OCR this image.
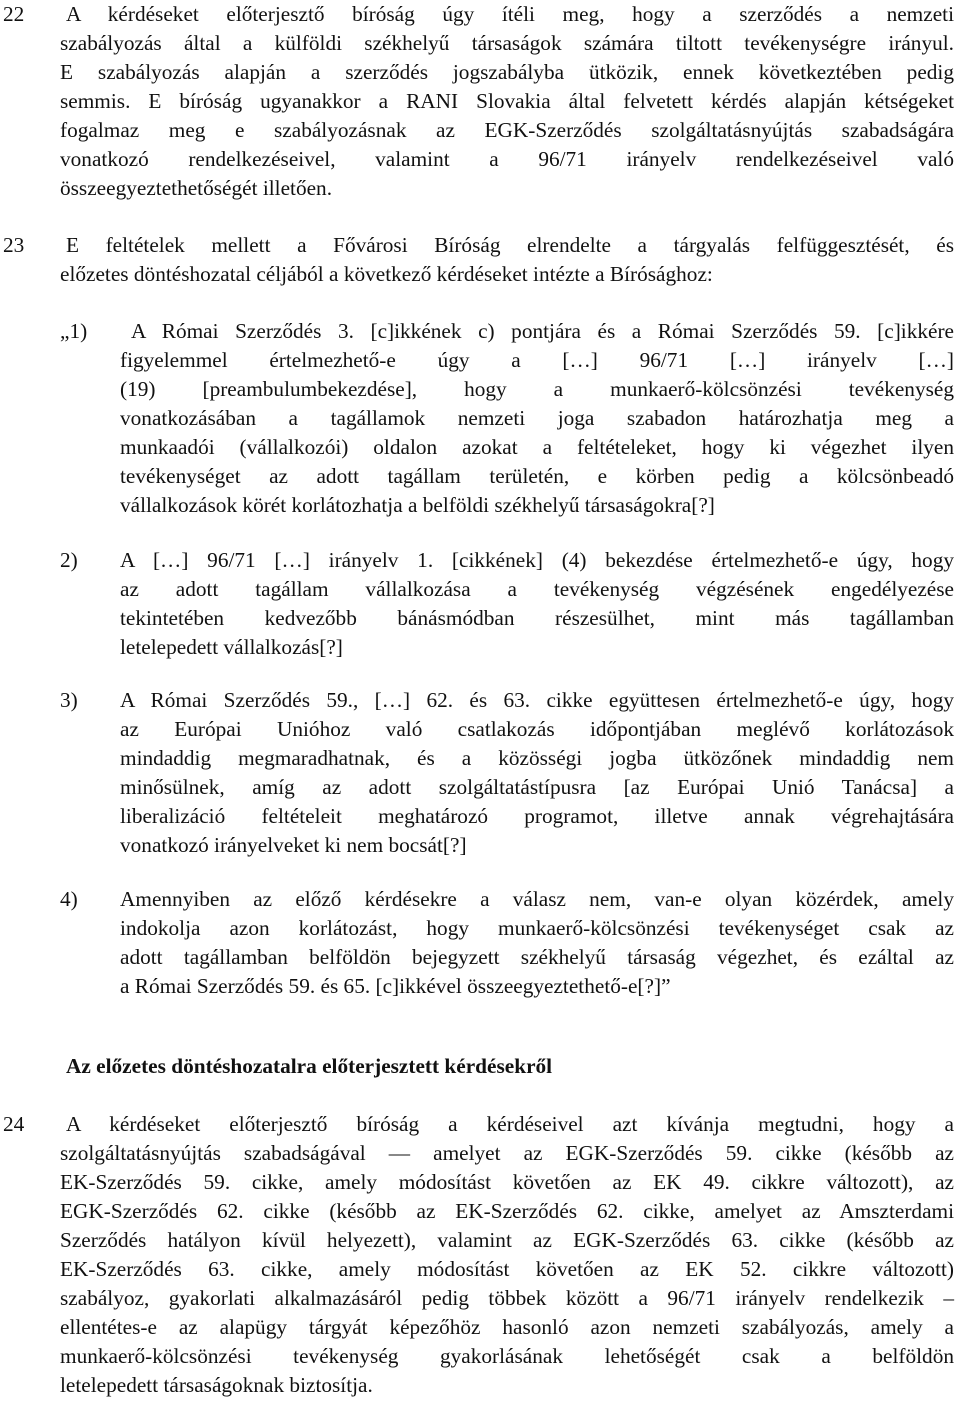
22 A kérdéseket előterjesztő bíróság úgy ítéli meg, hogy a szerződés a nemzeti
szabályozás által a külföldi székhelyű társaságok számára tiltott tevékenységre irányul.
E szabályozás alapján a szerződés jogszabályba ütközik, ennek következtében pedig
semmis. E bíróság ugyanakkor a RANI Slovakia által felvetett kérdés alapján kétségeket
fogalmaz meg e szabályozásnak az EGK-Szerződés szolgáltatásnyújtás szabadságára
vonatkozó rendelkezéseivel, valamint a 96/71 irányelv rendelkezéseivel való
összeegyeztethetőségét illetően.
23 E feltételek mellett a Fővárosi Bíróság elrendelte a tárgyalás felfüggesztését, és
előzetes döntéshozatal céljából a következő kérdéseket intézte a Bírósághoz:
„1) A Római Szerződés 3. [c]ikkének c) pontjára és a Római Szerződés 59. [c]ikkére
figyelemmel értelmezhető-e úgy a […] 96/71 […] irányelv […]
(19) [preambulumbekezdése], hogy a munkaerő-kölcsönzési tevékenység
vonatkozásában a tagállamok nemzeti joga szabadon határozhatja meg a
munkaadói (vállalkozói) oldalon azokat a feltételeket, hogy ki végezhet ilyen
tevékenységet az adott tagállam területén, e körben pedig a kölcsönbeadó
vállalkozások körét korlátozhatja a belföldi székhelyű társaságokra[?]
2) A […] 96/71 […] irányelv 1. [cikkének] (4) bekezdése értelmezhető-e úgy, hogy
az adott tagállam vállalkozása a tevékenység végzésének engedélyezése
tekintetében kedvezőbb bánásmódban részesülhet, mint más tagállamban
letelepedett vállalkozás[?]
3) A Római Szerződés 59., […] 62. és 63. cikke együttesen értelmezhető-e úgy, hogy
az Európai Unióhoz való csatlakozás időpontjában meglévő korlátozások
mindaddig megmaradhatnak, és a közösségi jogba ütközőnek mindaddig nem
minősülnek, amíg az adott szolgáltatástípusra [az Európai Unió Tanácsa] a
liberalizáció feltételeit meghatározó programot, illetve annak végrehajtására
vonatkozó irányelveket ki nem bocsát[?]
4) Amennyiben az előző kérdésekre a válasz nem, van-e olyan közérdek, amely
indokolja azon korlátozást, hogy munkaerő-kölcsönzési tevékenységet csak az
adott tagállamban belföldön bejegyzett székhelyű társaság végezhet, és ezáltal az
a Római Szerződés 59. és 65. [c]ikkével összeegyeztethető-e[?]”
Az előzetes döntéshozatalra előterjesztett kérdésekről
24 A kérdéseket előterjesztő bíróság a kérdéseivel azt kívánja megtudni, hogy a
szolgáltatásnyújtás szabadságával — amelyet az EGK-Szerződés 59. cikke (később az
EK-Szerződés 59. cikke, amely módosítást követően az EK 49. cikkre változott), az
EGK-Szerződés 62. cikke (később az EK-Szerződés 62. cikke, amelyet az Amszterdami
Szerződés hatályon kívül helyezett), valamint az EGK-Szerződés 63. cikke (később az
EK-Szerződés 63. cikke, amely módosítást követően az EK 52. cikkre változott)
szabályoz, gyakorlati alkalmazásáról pedig többek között a 96/71 irányelv rendelkezik –
ellentétes-e az alapügy tárgyát képezőhöz hasonló azon nemzeti szabályozás, amely a
munkaerő-kölcsönzési tevékenység gyakorlásának lehetőségét csak a belföldön
letelepedett társaságoknak biztosítja.
